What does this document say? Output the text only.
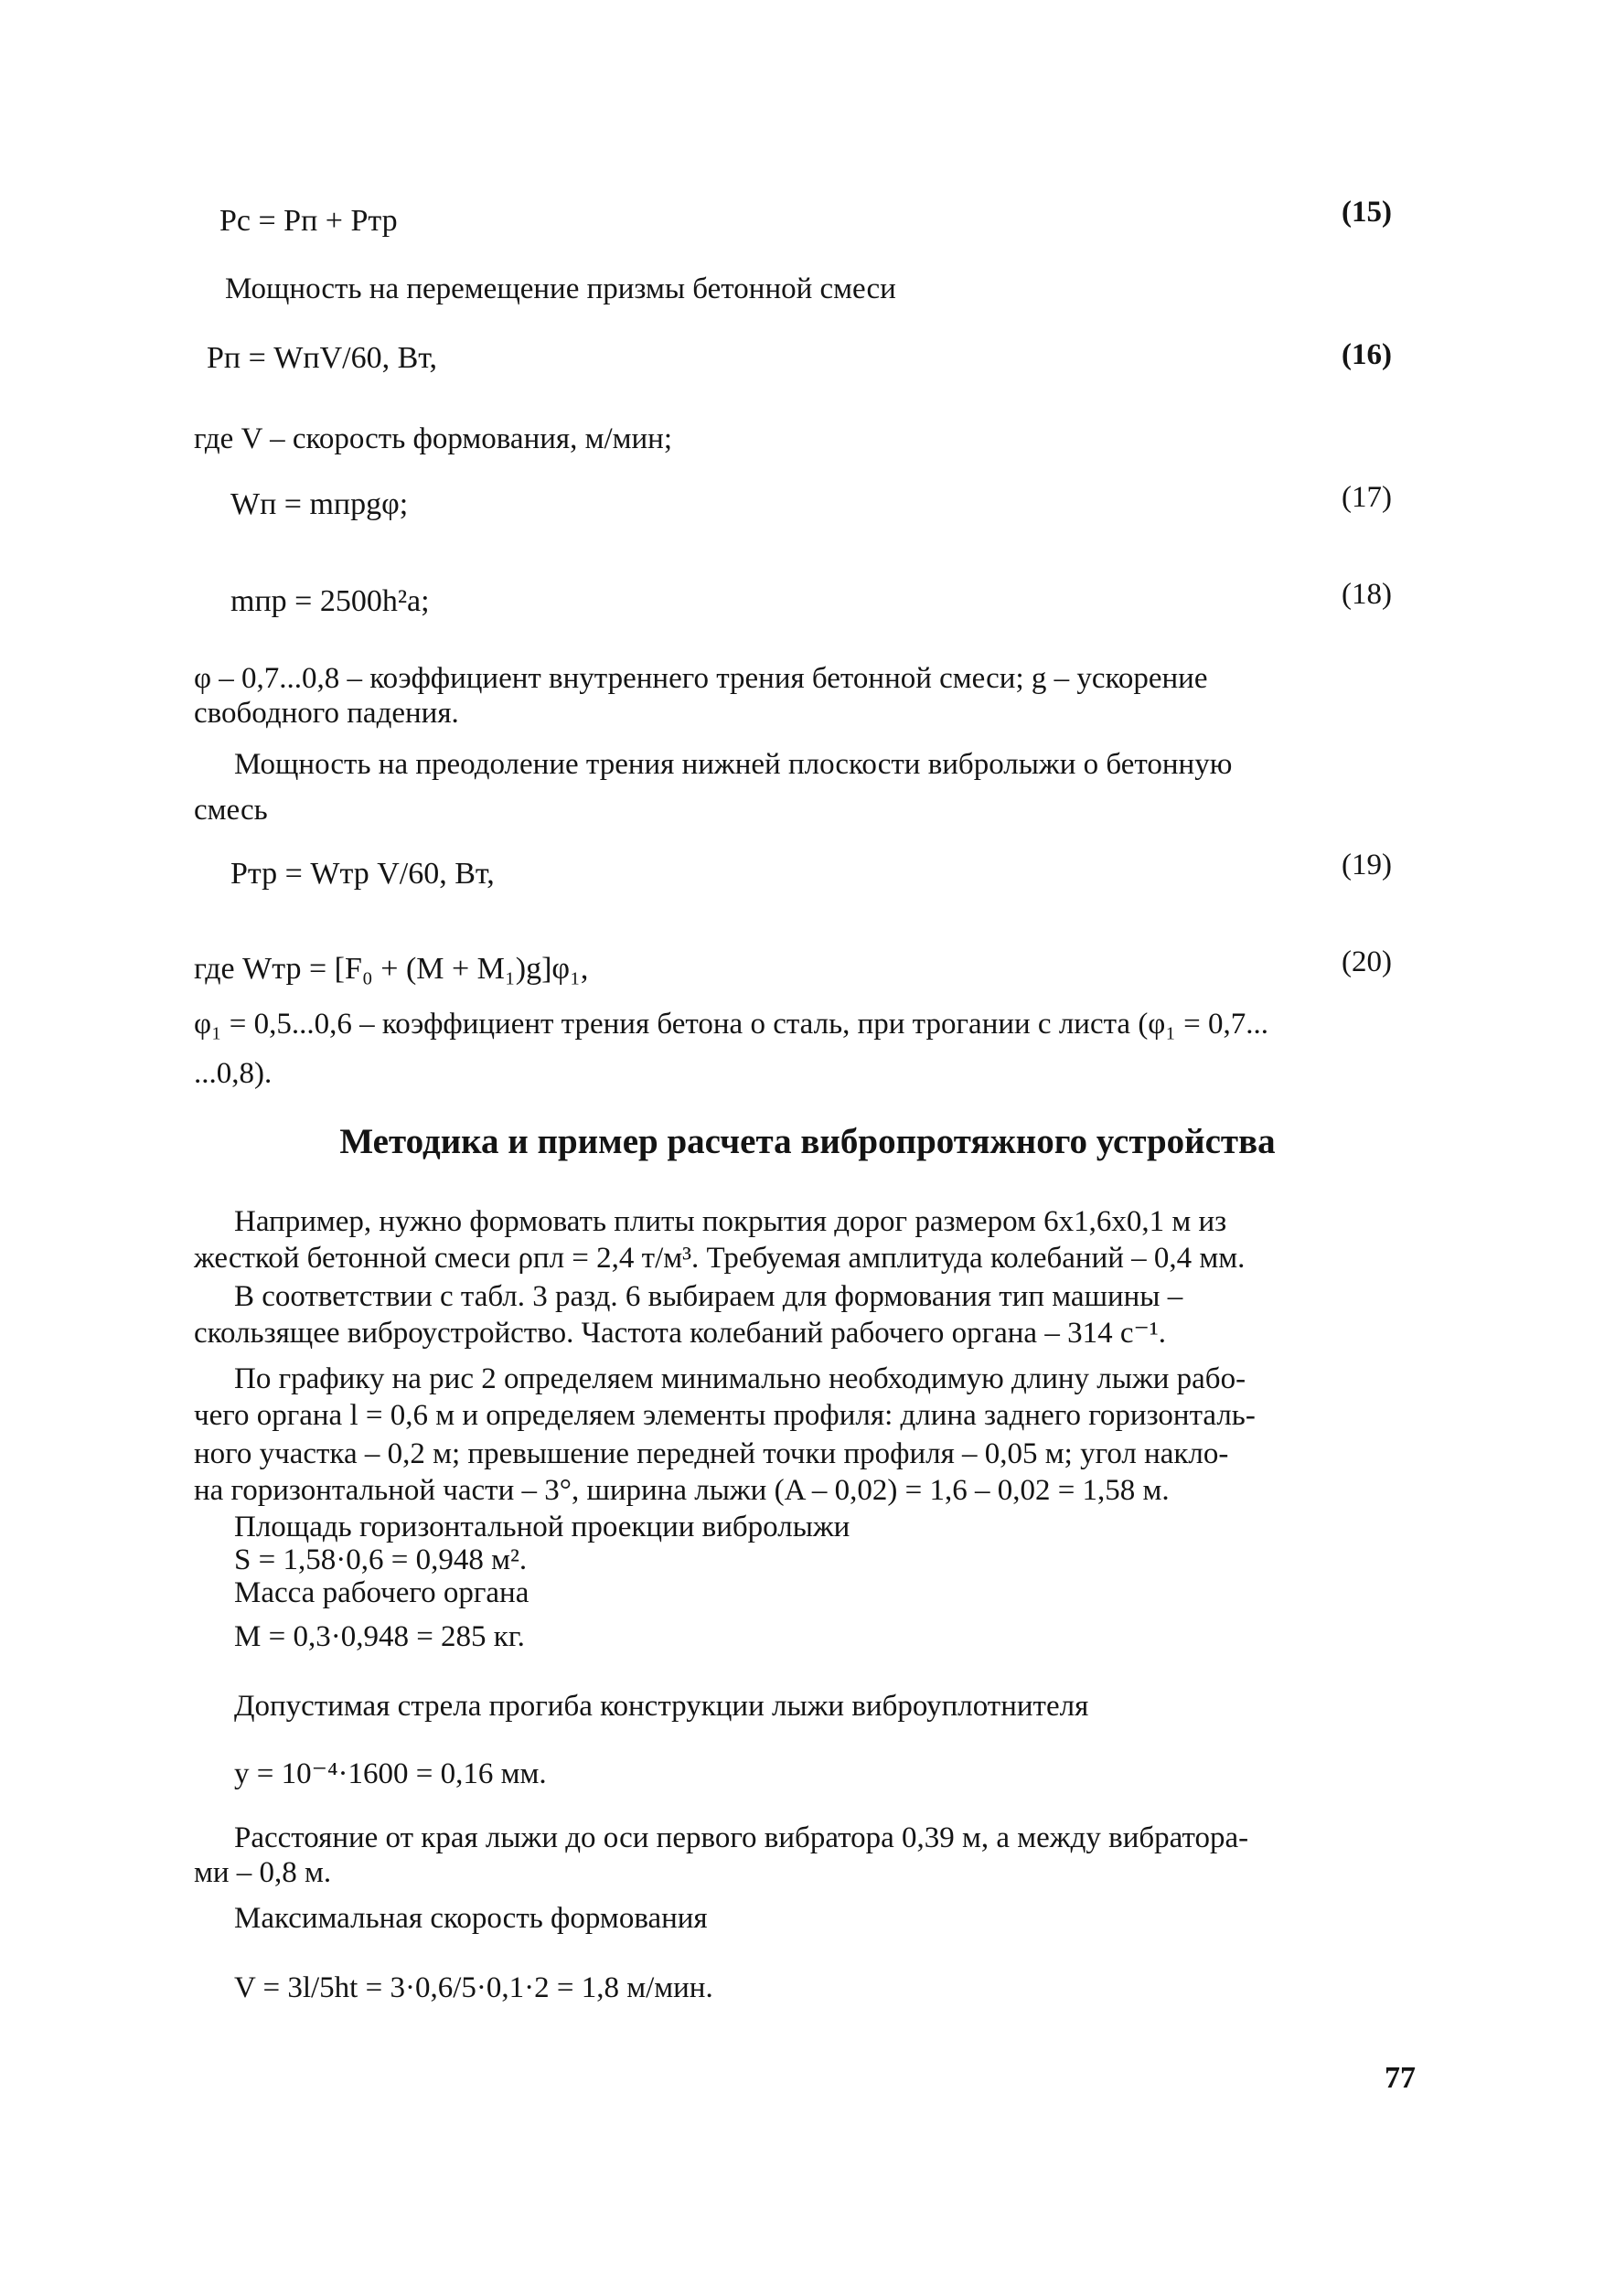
Pс = Pп + Pтр	(15)
Мощность на перемещение призмы бетонной смеси
Pп = WпV/60, Вт,	(16)
где V – скорость формования, м/мин;
Wп = mпрgφ;	(17)
mпр = 2500h²a;	(18)
φ – 0,7...0,8 – коэффициент внутреннего трения бетонной смеси; g – ускорение
свободного падения.
Мощность на преодоление трения нижней плоскости вибролыжи о бетонную
смесь
Pтр = Wтр V/60, Вт,	(19)
где Wтр = [F₀ + (M + M₁)g]φ₁,	(20)
φ₁ = 0,5...0,6 – коэффициент трения бетона о сталь, при трогании с листа (φ₁ = 0,7...
...0,8).
Методика и пример расчета вибропротяжного устройства
Например, нужно формовать плиты покрытия дорог размером 6x1,6x0,1 м из
жесткой бетонной смеси ρпл = 2,4 т/м³. Требуемая амплитуда колебаний – 0,4 мм.
В соответствии с табл. 3 разд. 6 выбираем для формования тип машины –
скользящее виброустройство. Частота колебаний рабочего органа – 314 с⁻¹.
По графику на рис 2 определяем минимально необходимую длину лыжи рабо-
чего органа l = 0,6 м и определяем элементы профиля: длина заднего горизонталь-
ного участка – 0,2 м; превышение передней точки профиля – 0,05 м; угол накло-
на горизонтальной части – 3°, ширина лыжи (A – 0,02) = 1,6 – 0,02 = 1,58 м.
Площадь горизонтальной проекции вибролыжи
S = 1,58·0,6 = 0,948 м².
Масса рабочего органа
M = 0,3·0,948 = 285 кг.
Допустимая стрела прогиба конструкции лыжи виброуплотнителя
y = 10⁻⁴·1600 = 0,16 мм.
Расстояние от края лыжи до оси первого вибратора 0,39 м, а между вибратора-
ми – 0,8 м.
Максимальная скорость формования
V = 3l/5ht = 3·0,6/5·0,1·2 = 1,8 м/мин.
77
